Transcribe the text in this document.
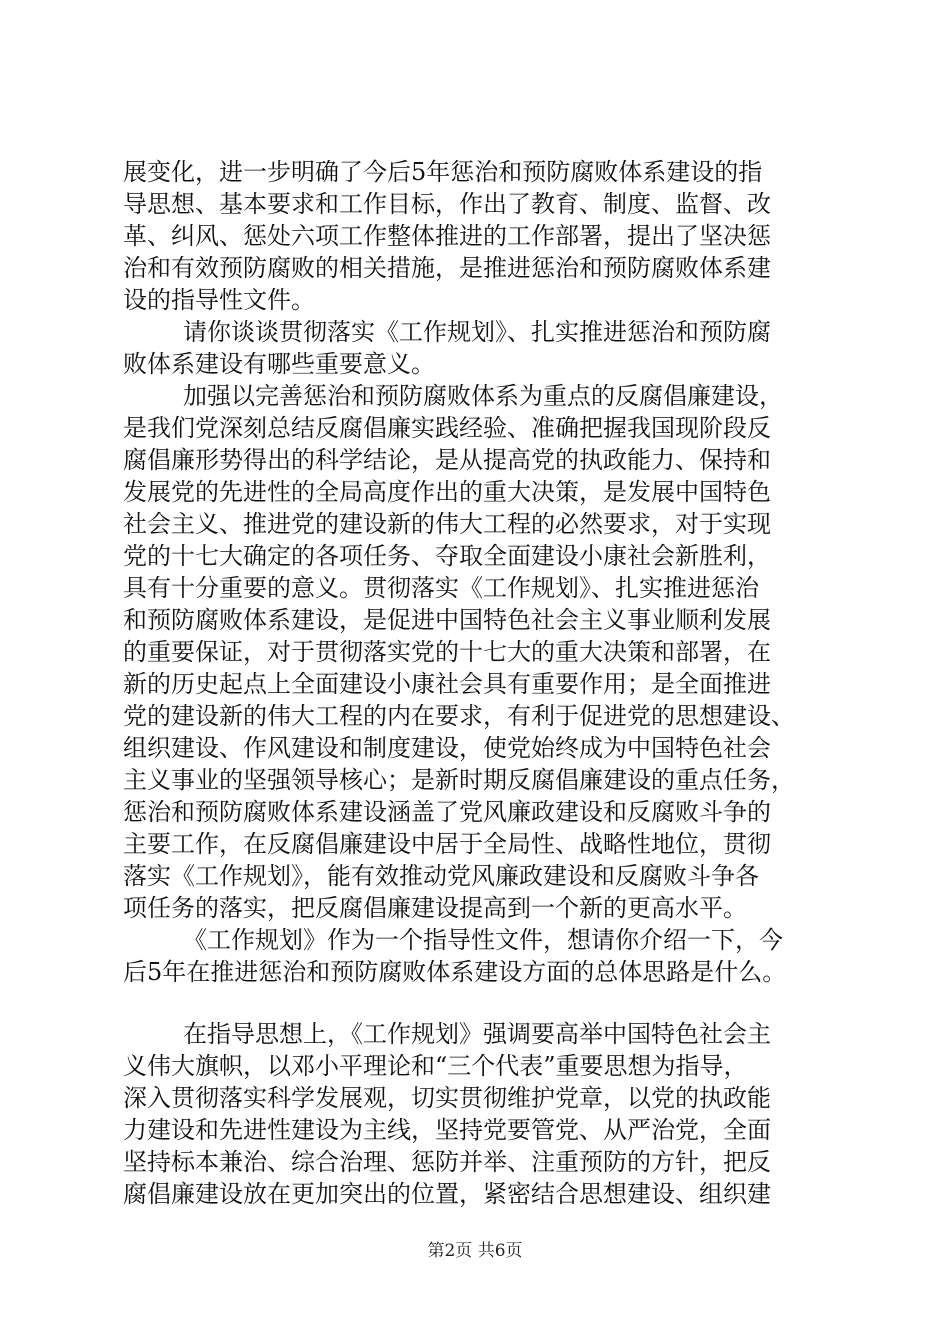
展变化，进一步明确了今后5年惩治和预防腐败体系建设的指
导思想、基本要求和工作目标，作出了教育、制度、监督、改
革、纠风、惩处六项工作整体推进的工作部署，提出了坚决惩
治和有效预防腐败的相关措施，是推进惩治和预防腐败体系建
设的指导性文件。
请你谈谈贯彻落实《工作规划》、扎实推进惩治和预防腐
败体系建设有哪些重要意义。
加强以完善惩治和预防腐败体系为重点的反腐倡廉建设，
是我们党深刻总结反腐倡廉实践经验、准确把握我国现阶段反
腐倡廉形势得出的科学结论，是从提高党的执政能力、保持和
发展党的先进性的全局高度作出的重大决策，是发展中国特色
社会主义、推进党的建设新的伟大工程的必然要求，对于实现
党的十七大确定的各项任务、夺取全面建设小康社会新胜利，
具有十分重要的意义。贯彻落实《工作规划》、扎实推进惩治
和预防腐败体系建设，是促进中国特色社会主义事业顺利发展
的重要保证，对于贯彻落实党的十七大的重大决策和部署，在
新的历史起点上全面建设小康社会具有重要作用；是全面推进
党的建设新的伟大工程的内在要求，有利于促进党的思想建设、
组织建设、作风建设和制度建设，使党始终成为中国特色社会
主义事业的坚强领导核心；是新时期反腐倡廉建设的重点任务，
惩治和预防腐败体系建设涵盖了党风廉政建设和反腐败斗争的
主要工作，在反腐倡廉建设中居于全局性、战略性地位，贯彻
落实《工作规划》，能有效推动党风廉政建设和反腐败斗争各
项任务的落实，把反腐倡廉建设提高到一个新的更高水平。
《工作规划》作为一个指导性文件，想请你介绍一下，今
后5年在推进惩治和预防腐败体系建设方面的总体思路是什么。
在指导思想上，《工作规划》强调要高举中国特色社会主
义伟大旗帜，以邓小平理论和“三个代表”重要思想为指导，
深入贯彻落实科学发展观，切实贯彻维护党章，以党的执政能
力建设和先进性建设为主线，坚持党要管党、从严治党，全面
坚持标本兼治、综合治理、惩防并举、注重预防的方针，把反
腐倡廉建设放在更加突出的位置，紧密结合思想建设、组织建
第2页 共6页
